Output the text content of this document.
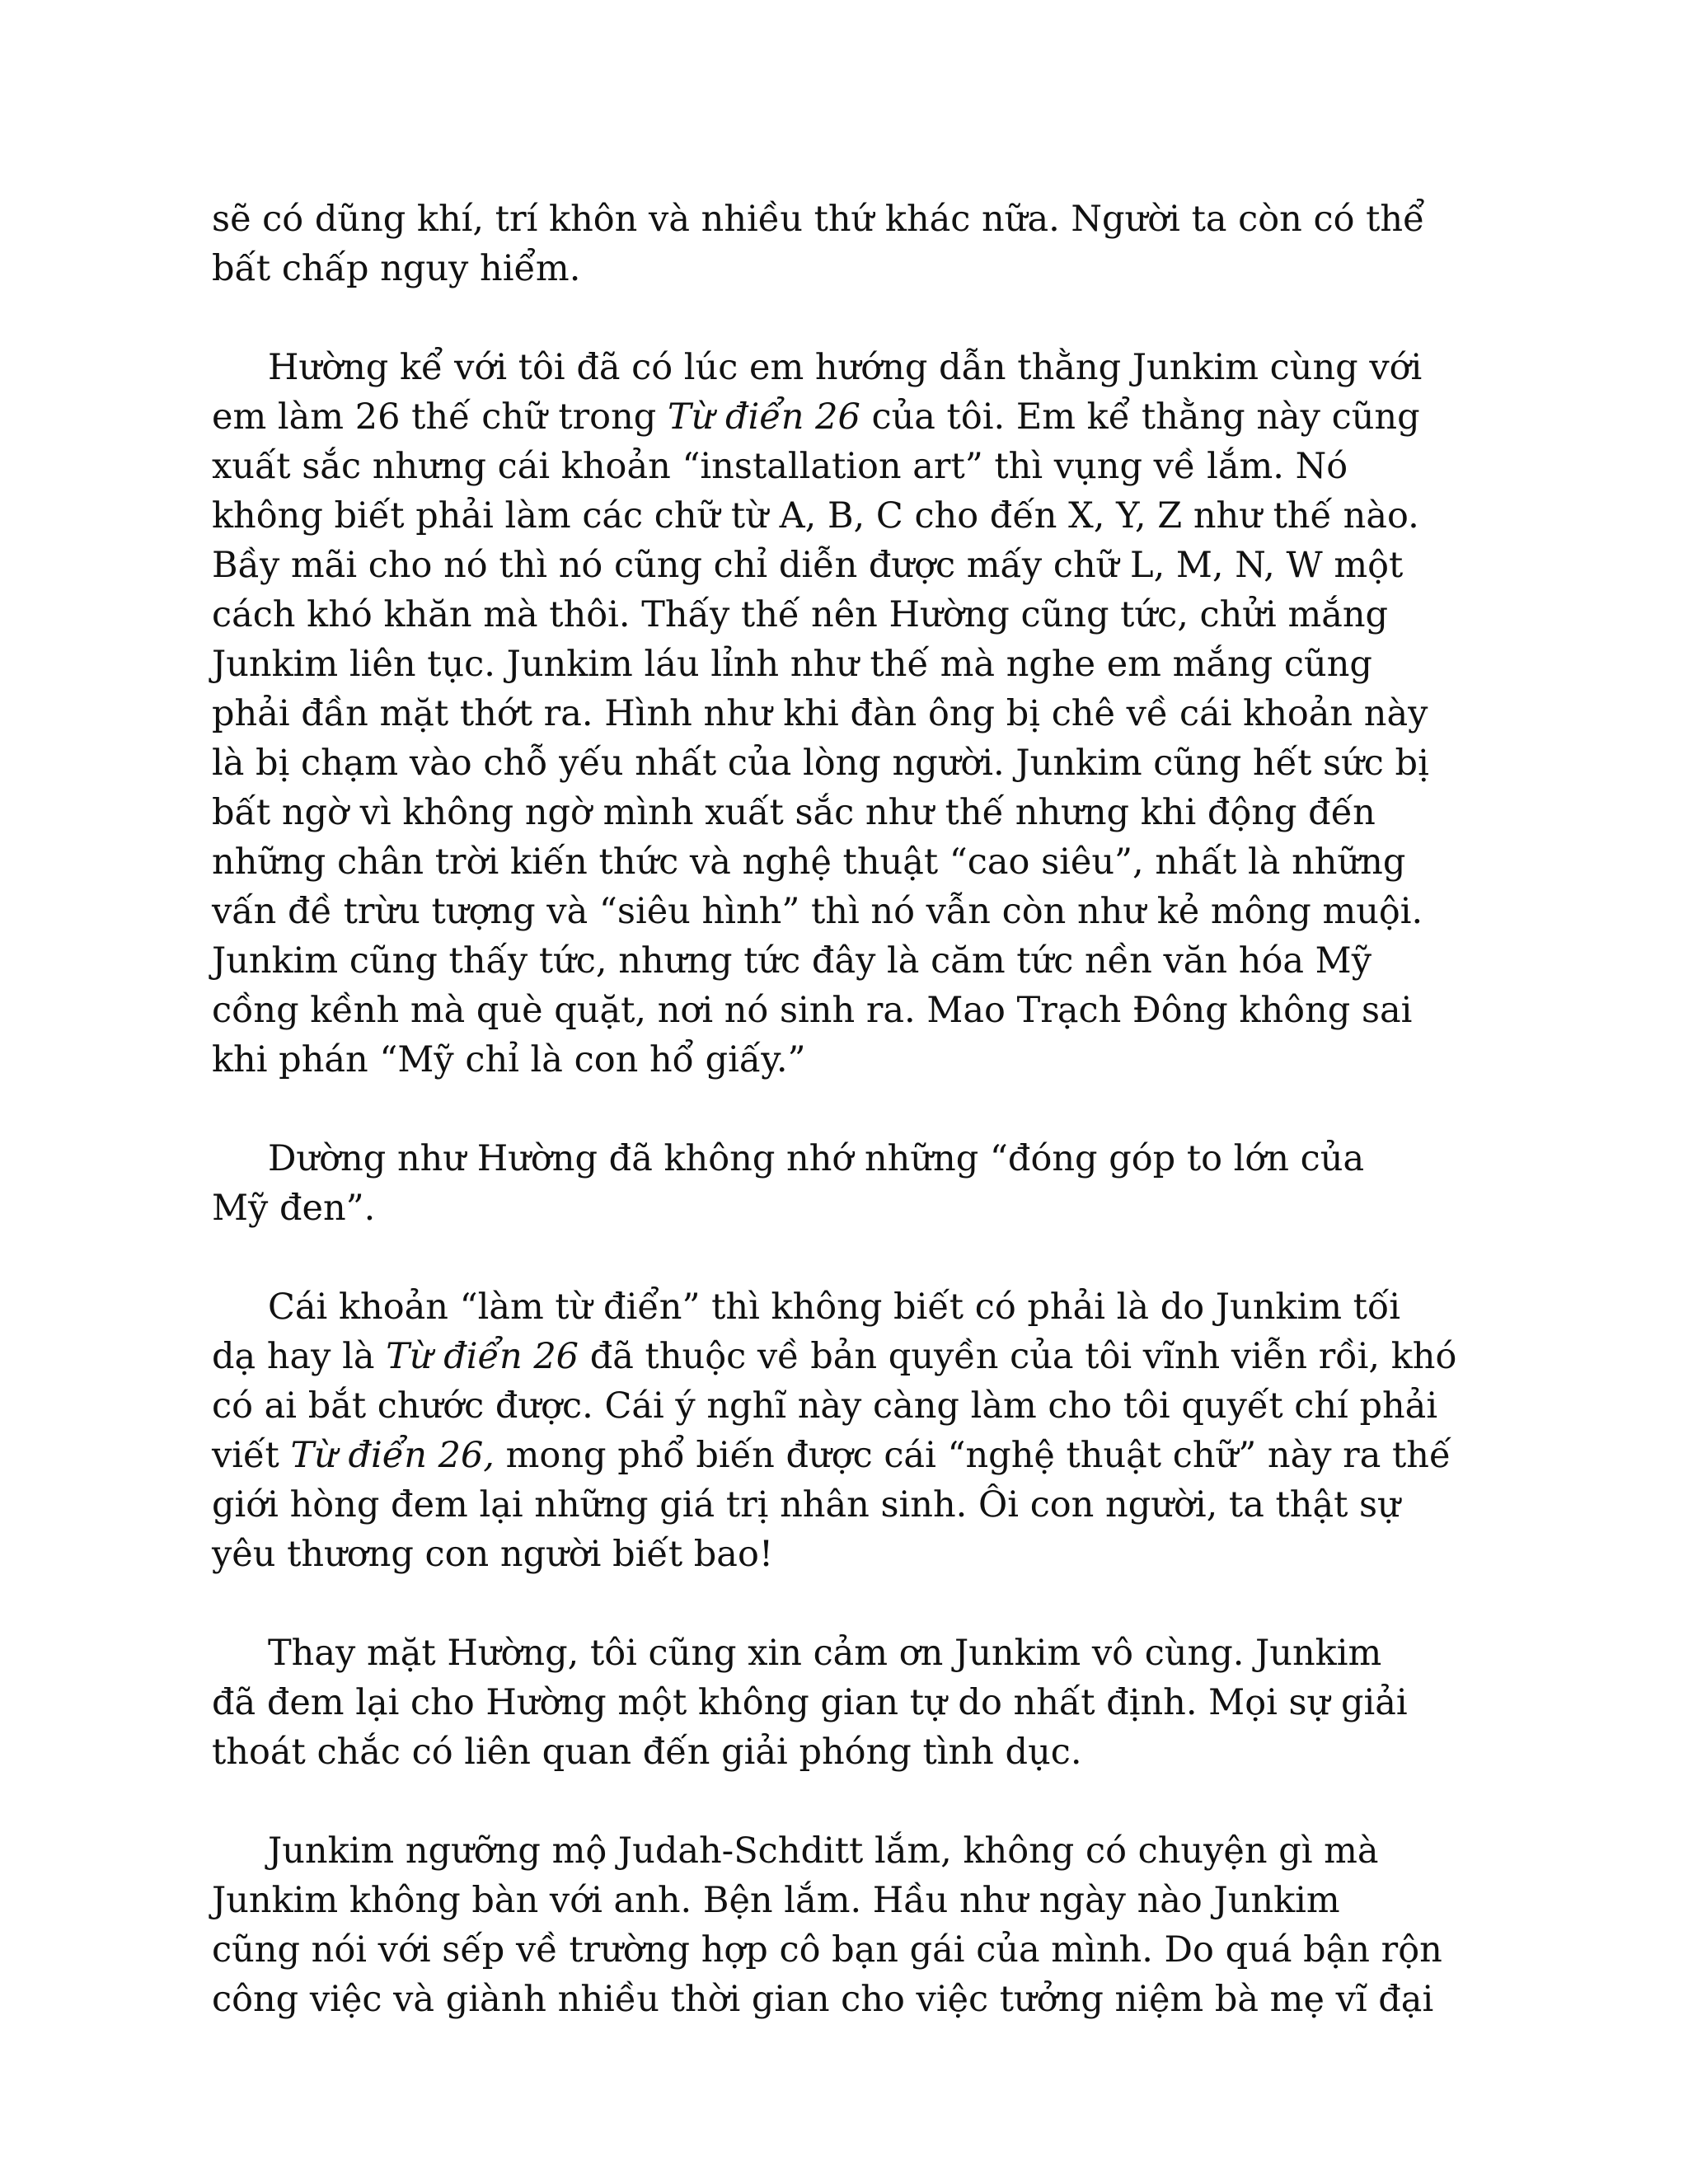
sẽ có dũng khí, trí khôn và nhiều thứ khác nữa. Người ta còn có thể
bất chấp nguy hiểm.

Hường kể với tôi đã có lúc em hướng dẫn thằng Junkim cùng với
em làm 26 thế chữ trong Từ điển 26 của tôi. Em kể thằng này cũng
xuất sắc nhưng cái khoản “installation art” thì vụng về lắm. Nó
không biết phải làm các chữ từ A, B, C cho đến X, Y, Z như thế nào.
Bầy mãi cho nó thì nó cũng chỉ diễn được mấy chữ L, M, N, W một
cách khó khăn mà thôi. Thấy thế nên Hường cũng tức, chửi mắng
Junkim liên tục. Junkim láu lỉnh như thế mà nghe em mắng cũng
phải đần mặt thớt ra. Hình như khi đàn ông bị chê về cái khoản này
là bị chạm vào chỗ yếu nhất của lòng người. Junkim cũng hết sức bị
bất ngờ vì không ngờ mình xuất sắc như thế nhưng khi động đến
những chân trời kiến thức và nghệ thuật “cao siêu”, nhất là những
vấn đề trừu tượng và “siêu hình” thì nó vẫn còn như kẻ mông muội.
Junkim cũng thấy tức, nhưng tức đây là căm tức nền văn hóa Mỹ
cồng kềnh mà què quặt, nơi nó sinh ra. Mao Trạch Đông không sai
khi phán “Mỹ chỉ là con hổ giấy.”

Dường như Hường đã không nhớ những “đóng góp to lớn của
Mỹ đen”.

Cái khoản “làm từ điển” thì không biết có phải là do Junkim tối
dạ hay là Từ điển 26 đã thuộc về bản quyền của tôi vĩnh viễn rồi, khó
có ai bắt chước được. Cái ý nghĩ này càng làm cho tôi quyết chí phải
viết Từ điển 26, mong phổ biến được cái “nghệ thuật chữ” này ra thế
giới hòng đem lại những giá trị nhân sinh. Ôi con người, ta thật sự
yêu thương con người biết bao!

Thay mặt Hường, tôi cũng xin cảm ơn Junkim vô cùng. Junkim
đã đem lại cho Hường một không gian tự do nhất định. Mọi sự giải
thoát chắc có liên quan đến giải phóng tình dục.

Junkim ngưỡng mộ Judah-Schditt lắm, không có chuyện gì mà
Junkim không bàn với anh. Bện lắm. Hầu như ngày nào Junkim
cũng nói với sếp về trường hợp cô bạn gái của mình. Do quá bận rộn
công việc và giành nhiều thời gian cho việc tưởng niệm bà mẹ vĩ đại
